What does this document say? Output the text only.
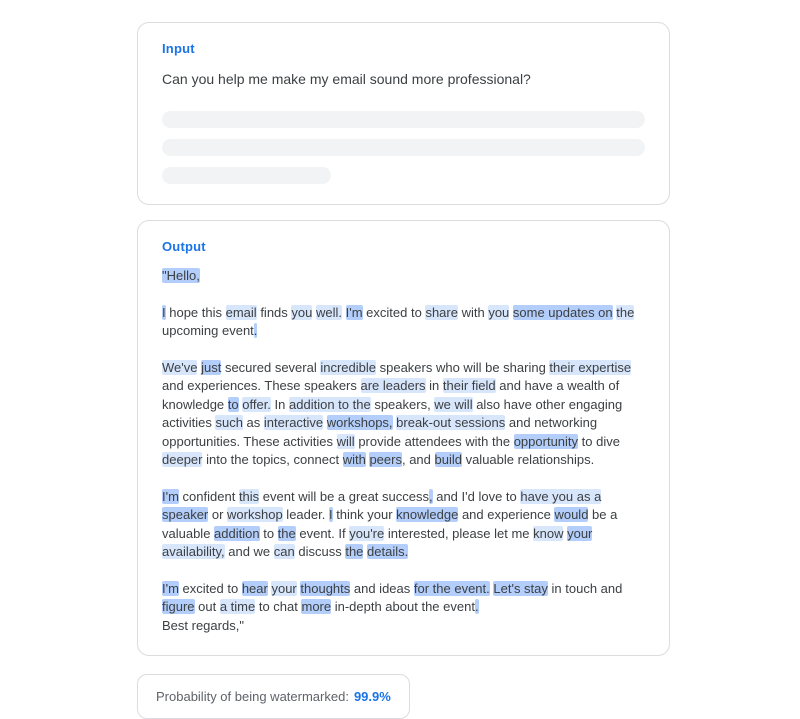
Input
Can you help me make my email sound more professional?
Output

"Hello,

I hope this email finds you well. I'm excited to share with you some updates on the upcoming event.

We've just secured several incredible speakers who will be sharing their expertise and experiences. These speakers are leaders in their field and have a wealth of knowledge to offer. In addition to the speakers, we will also have other engaging activities such as interactive workshops, break-out sessions and networking opportunities. These activities will provide attendees with the opportunity to dive deeper into the topics, connect with peers, and build valuable relationships.

I'm confident this event will be a great success, and I'd love to have you as a speaker or workshop leader. I think your knowledge and experience would be a valuable addition to the event. If you're interested, please let me know your availability, and we can discuss the details.

I'm excited to hear your thoughts and ideas for the event. Let's stay in touch and figure out a time to chat more in-depth about the event.
Best regards,"

Probability of being watermarked: 99.9%
